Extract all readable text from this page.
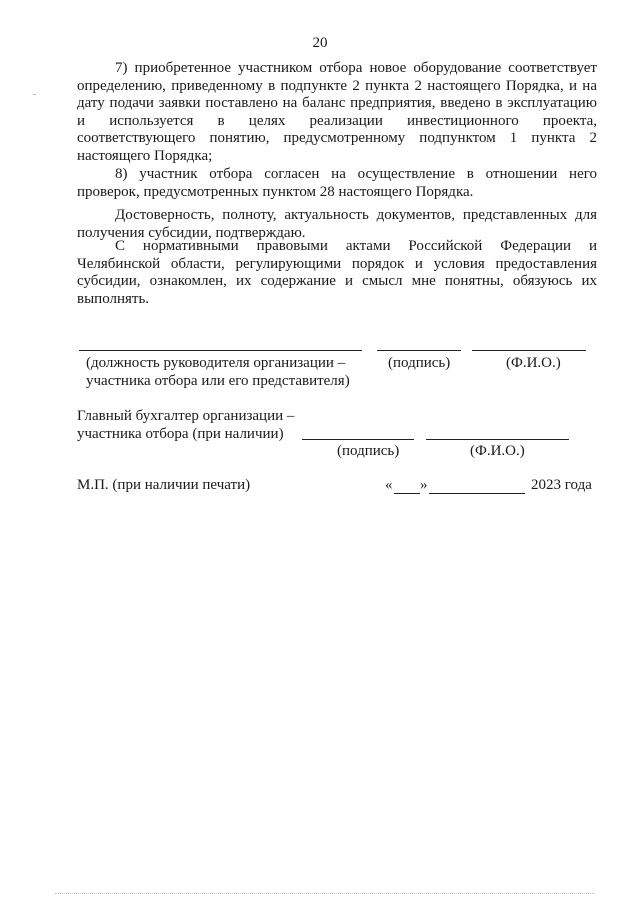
20
7) приобретенное участником отбора новое оборудование соответствует
определению, приведенному в подпункте 2 пункта 2 настоящего Порядка, и на
дату подачи заявки поставлено на баланс предприятия, введено в эксплуатацию
и используется в целях реализации инвестиционного проекта,
соответствующего понятию, предусмотренному подпунктом 1 пункта 2
настоящего Порядка;
8) участник отбора согласен на осуществление в отношении него
проверок, предусмотренных пунктом 28 настоящего Порядка.
Достоверность, полноту, актуальность документов, представленных для
получения субсидии, подтверждаю.
С нормативными правовыми актами Российской Федерации и
Челябинской области, регулирующими порядок и условия предоставления
субсидии, ознакомлен, их содержание и смысл мне понятны, обязуюсь их
выполнять.
(должность руководителя организации –
участника отбора или его представителя)
(подпись)	(Ф.И.О.)
Главный бухгалтер организации –
участника отбора (при наличии)
(подпись)	(Ф.И.О.)
М.П. (при наличии печати)	« »	2023 года
